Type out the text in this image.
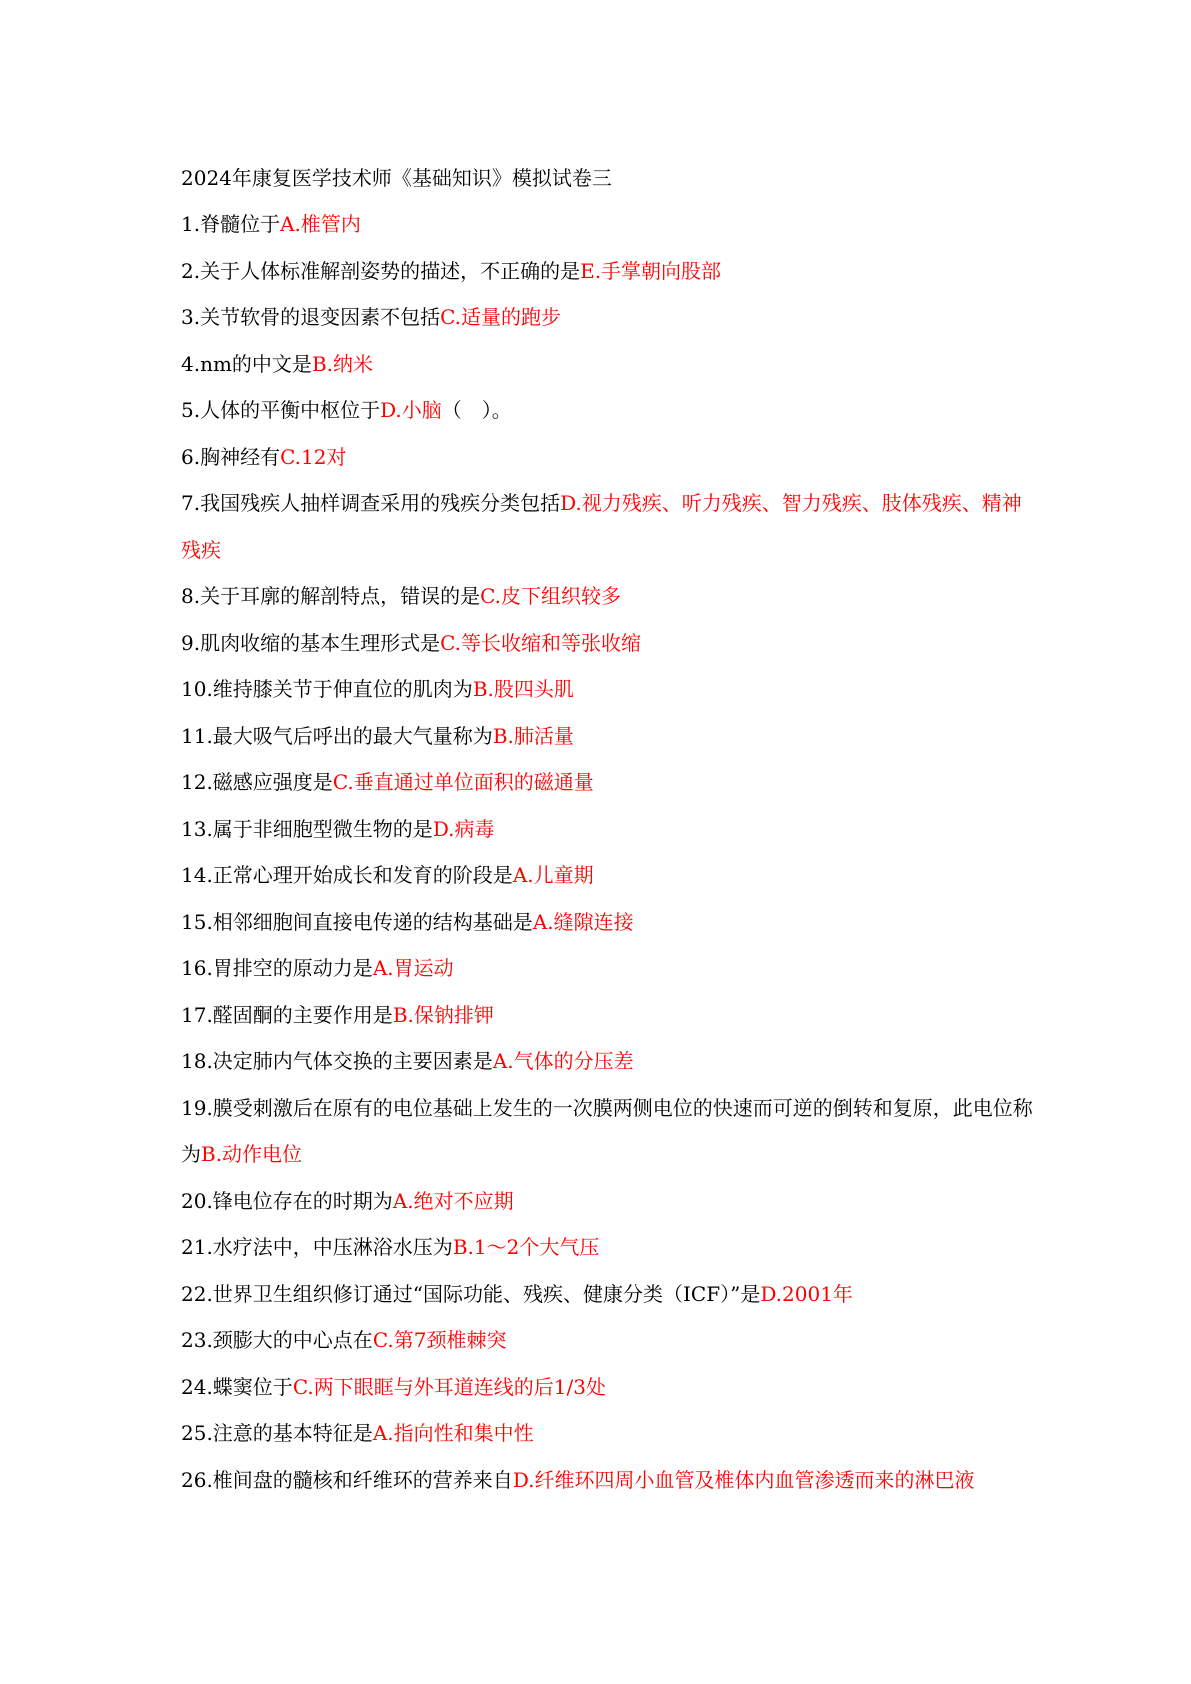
2024年康复医学技术师《基础知识》模拟试卷三

1.脊髓位于A.椎管内

2.关于人体标准解剖姿势的描述，不正确的是E.手掌朝向股部

3.关节软骨的退变因素不包括C.适量的跑步

4.nm的中文是B.纳米

5.人体的平衡中枢位于D.小脑（　）。

6.胸神经有C.12对

7.我国残疾人抽样调查采用的残疾分类包括D.视力残疾、听力残疾、智力残疾、肢体残疾、精神残疾

8.关于耳廓的解剖特点，错误的是C.皮下组织较多

9.肌肉收缩的基本生理形式是C.等长收缩和等张收缩

10.维持膝关节于伸直位的肌肉为B.股四头肌

11.最大吸气后呼出的最大气量称为B.肺活量

12.磁感应强度是C.垂直通过单位面积的磁通量

13.属于非细胞型微生物的是D.病毒

14.正常心理开始成长和发育的阶段是A.儿童期

15.相邻细胞间直接电传递的结构基础是A.缝隙连接

16.胃排空的原动力是A.胃运动

17.醛固酮的主要作用是B.保钠排钾

18.决定肺内气体交换的主要因素是A.气体的分压差

19.膜受刺激后在原有的电位基础上发生的一次膜两侧电位的快速而可逆的倒转和复原，此电位称为B.动作电位

20.锋电位存在的时期为A.绝对不应期

21.水疗法中，中压淋浴水压为B.1～2个大气压

22.世界卫生组织修订通过“国际功能、残疾、健康分类（ICF）”是D.2001年

23.颈膨大的中心点在C.第7颈椎棘突

24.蝶窦位于C.两下眼眶与外耳道连线的后1/3处

25.注意的基本特征是A.指向性和集中性

26.椎间盘的髓核和纤维环的营养来自D.纤维环四周小血管及椎体内血管渗透而来的淋巴液
